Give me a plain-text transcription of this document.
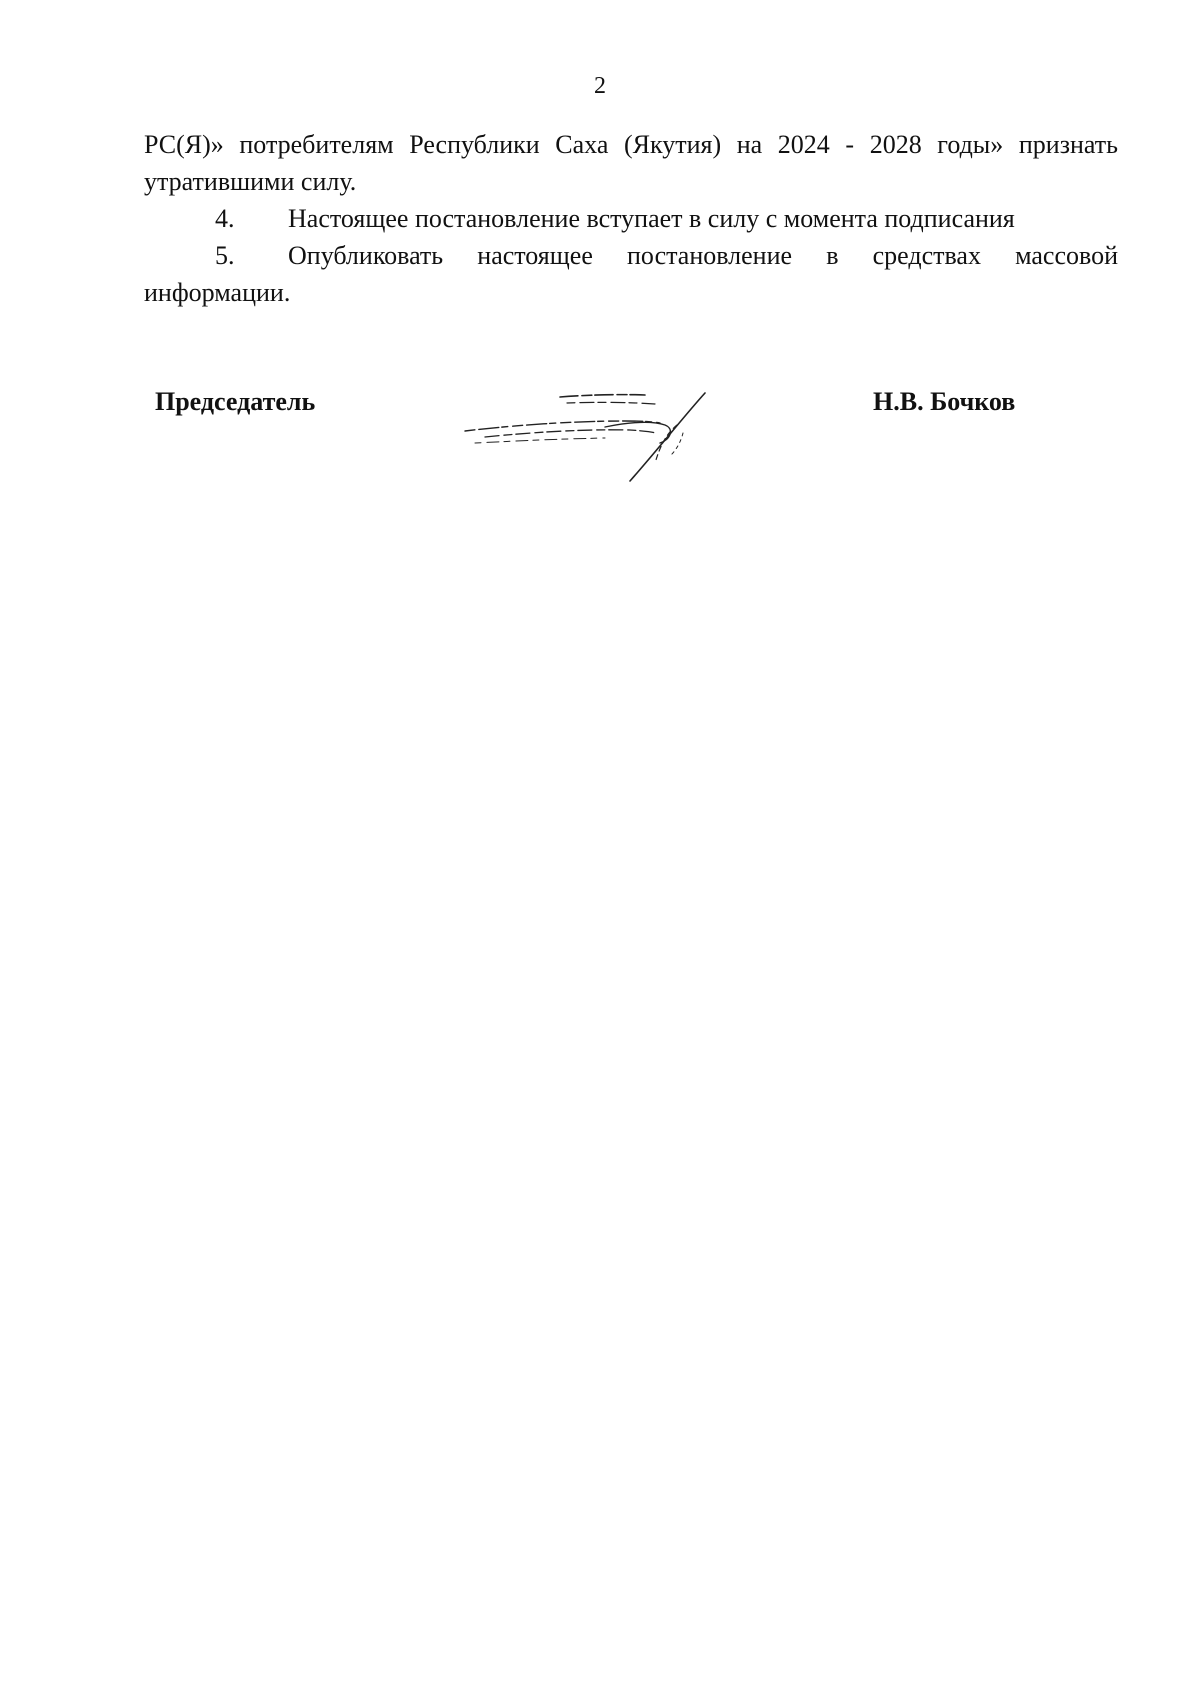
2

РС(Я)» потребителям Республики Саха (Якутия) на 2024 - 2028 годы» признать утратившими силу.

4. Настоящее постановление вступает в силу с момента подписания

5. Опубликовать настоящее постановление в средствах массовой информации.

Председатель	Н.В. Бочков
